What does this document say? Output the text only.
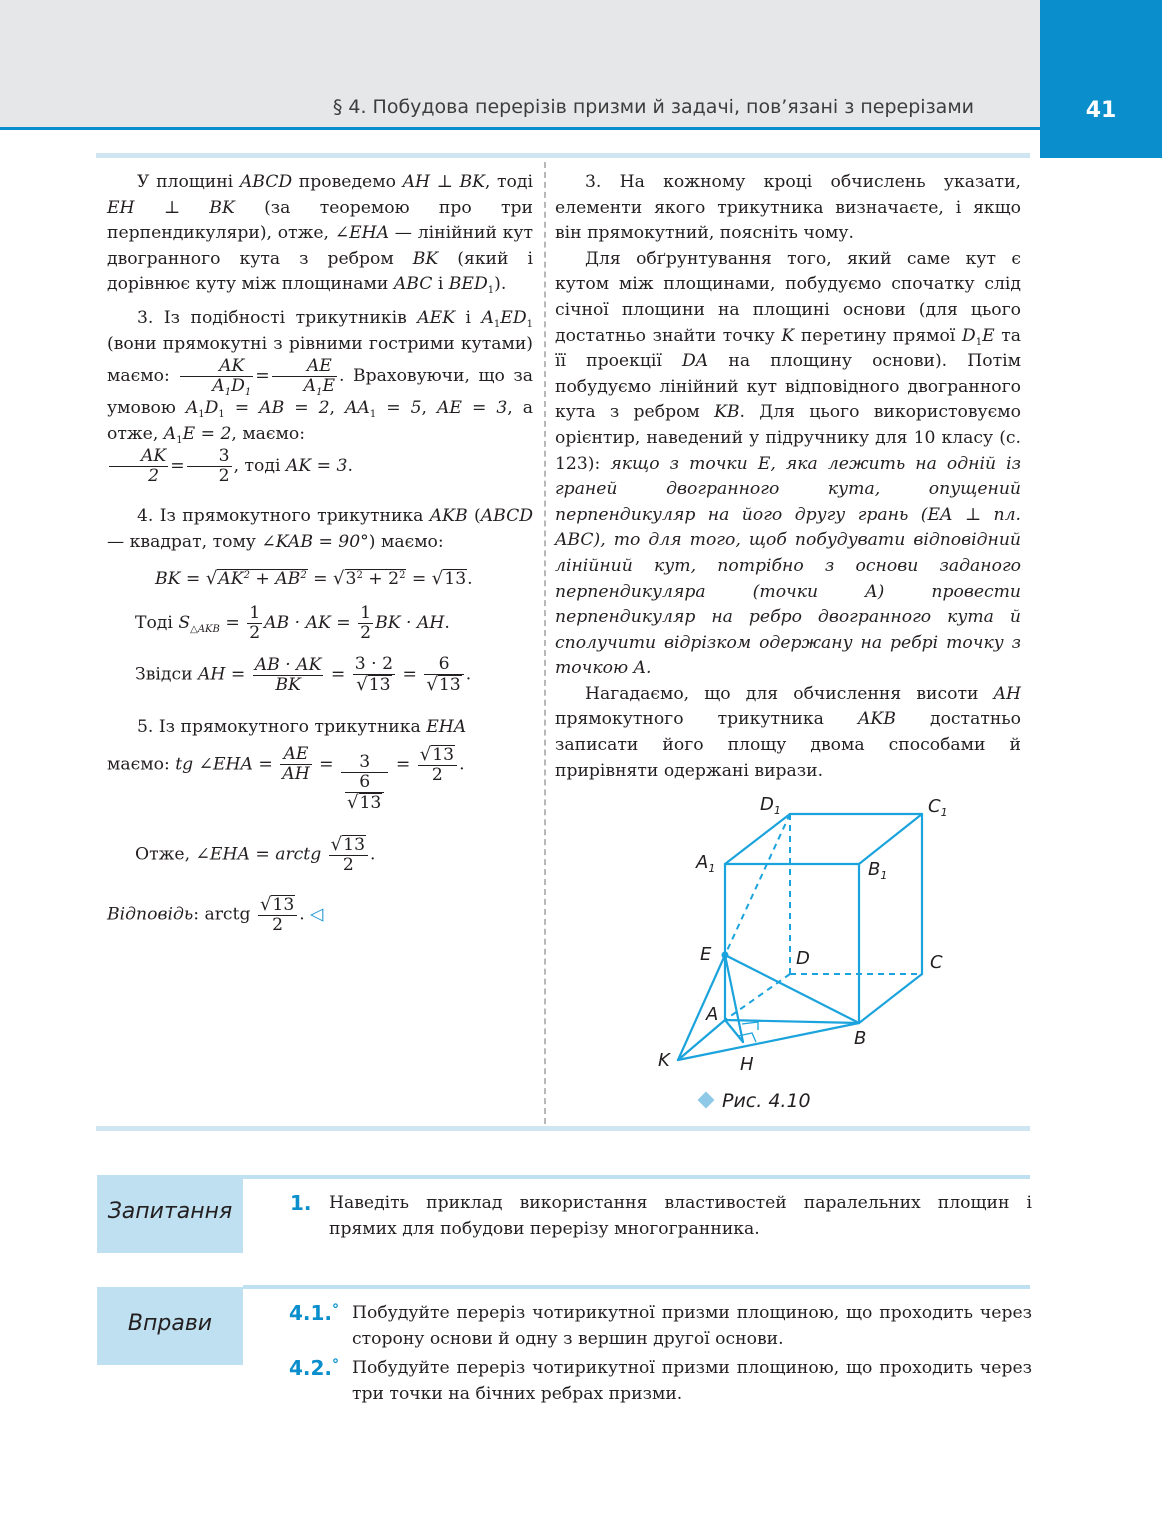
§ 4. Побудова перерізів призми й задачі, пов’язані з перерізами	41

У площині ABCD проведемо AH ⊥ BK, тоді EH ⊥ BK (за теоремою про три перпендикуляри), отже, ∠EHA — лінійний кут двогранного кута з ребром BK (який і дорівнює куту між площинами ABC і $BED_1$).

3. Із подібності трикутників AEK і $A_1ED_1$ (вони прямокутні з рівними гострими кутами) маємо: $\frac{AK}{A_1D_1} = \frac{AE}{A_1E}$ . Враховуючи, що за умовою $A_1D_1$ = AB = 2, $AA_1 = 5$, AE = 3, а отже, $A_1E = 2$, маємо:

$\frac{AK}{2} = \frac{3}{2}$ , тоді AK = 3.

4. Із прямокутного трикутника AKB (ABCD — квадрат, тому ∠KAB = 90°) маємо:

BK = $√AK^2 + AB^2 = √3^2 + 2^2 = √13$.
Тоді $S_{\triangle AKB} = \frac{1}{2}$ AB · AK = $\frac{1}{2}$ BK · AH.
Звідси AH = $\frac{AB \cdot AK}{BK} = \frac{3 \cdot 2}{√13} = \frac{6}{√13}$ .

5. Із прямокутного трикутника EHA

маємо: tg ∠EHA = $\frac{AE}{AH} = \frac{3}{\frac{6}{√13}} = \frac{√13}{2}$ .
Отже, ∠EHA = arctg $\frac{√13}{2}$ .
Відповідь: arctg $\frac{√13}{2}$ . ◁

3. На кожному кроці обчислень указати, елементи якого трикутника визначаєте, і якщо він прямокутний, поясніть чому.

Для обґрунтування того, який саме кут є кутом між площинами, побудуємо спочатку слід січної площини на площині основи (для цього достатньо знайти точку K перетину прямої $D_1E$ та її проекції DA на площину основи). Потім побудуємо лінійний кут відповідного двогранного кута з ребром KB. Для цього використовуємо орієнтир, наведений у підручнику для 10 класу (с. 123): якщо з точки E, яка лежить на одній із граней двогранного кута, опущений перпендикуляр на його другу грань (EA ⊥ пл. ABC), то для того, щоб побудувати відповідний лінійний кут, потрібно з основи заданого перпендикуляра (точки A) провести перпендикуляр на ребро двогранного кута й сполучити відрізком одержану на ребрі точку з точкою A.

Нагадаємо, що для обчислення висоти AH прямокутного трикутника AKB достатньо записати його площу двома способами й прирівняти одержані вирази.

$D_1$	$C_1$
$A_1$	$B_1$
E	D	C
A
B
K	H
Рис. 4.10
Запитання	1. Наведіть приклад використання властивостей паралельних площин і прямих для побудови перерізу многогранника.
Вправи	4.1.° Побудуйте переріз чотирикутної призми площиною, що проходить через сторону основи й одну з вершин другої основи.
4.2.° Побудуйте переріз чотирикутної призми площиною, що проходить через три точки на бічних ребрах призми.
